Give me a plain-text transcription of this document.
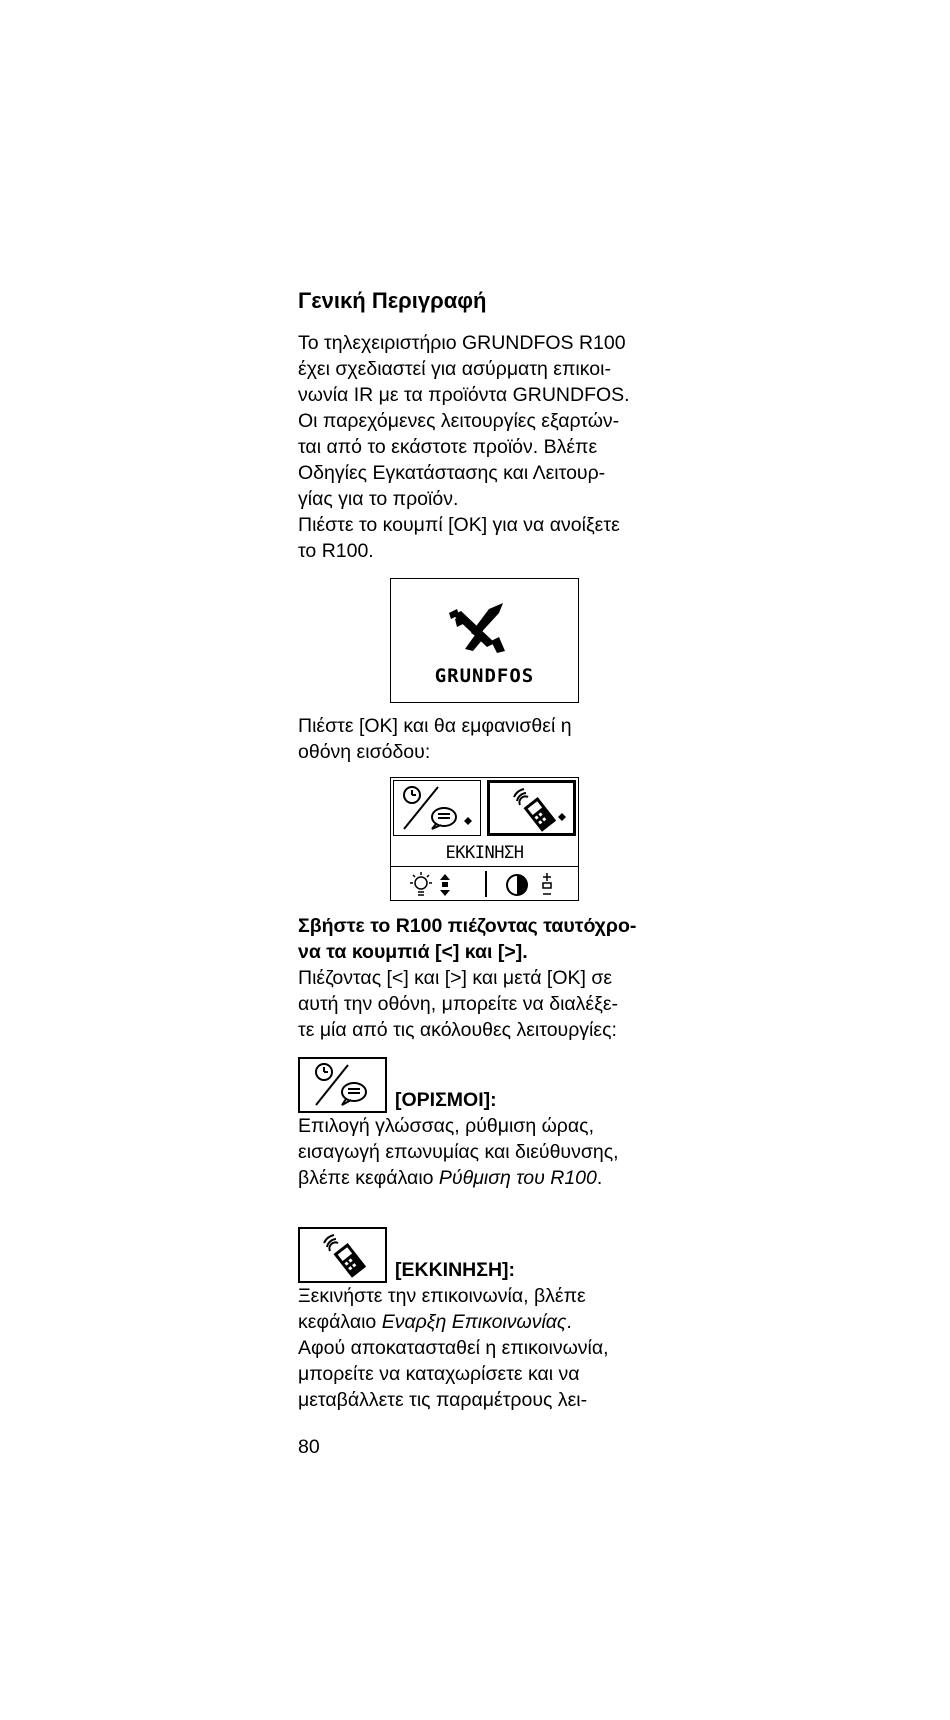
Γενική Περιγραφή

Το τηλεχειριστήριο GRUNDFOS R100

έχει σχεδιαστεί για ασύρματη επικοι-

νωνία IR με τα προϊόντα GRUNDFOS.

Οι παρεχόμενες λειτουργίες εξαρτών-

ται από το εκάστοτε προϊόν. Βλέπε

Οδηγίες Εγκατάστασης και Λειτουρ-

γίας για το προϊόν.

Πιέστε το κουμπί [OK] για να ανοίξετε

το R100.

GRUNDFOS

Πιέστε [OK] και θα εμφανισθεί η

οθόνη εισόδου:

ΕΚΚΙΝΗΣΗ

Σβήστε το R100 πιέζοντας ταυτόχρο-

να τα κουμπιά [<] και [>].

Πιέζοντας [<] και [>] και μετά [OK] σε

αυτή την οθόνη, μπορείτε να διαλέξε-

τε μία από τις ακόλουθες λειτουργίες:

[ΟΡΙΣΜΟΙ]:

Επιλογή γλώσσας, ρύθμιση ώρας,

εισαγωγή επωνυμίας και διεύθυνσης,

βλέπε κεφάλαιο Ρύθμιση του R100.

[ΕΚΚΙΝΗΣΗ]:

Ξεκινήστε την επικοινωνία, βλέπε

κεφάλαιο Εναρξη Επικοινωνίας.

Αφού αποκατασταθεί η επικοινωνία,

μπορείτε να καταχωρίσετε και να

μεταβάλλετε τις παραμέτρους λει-

80
